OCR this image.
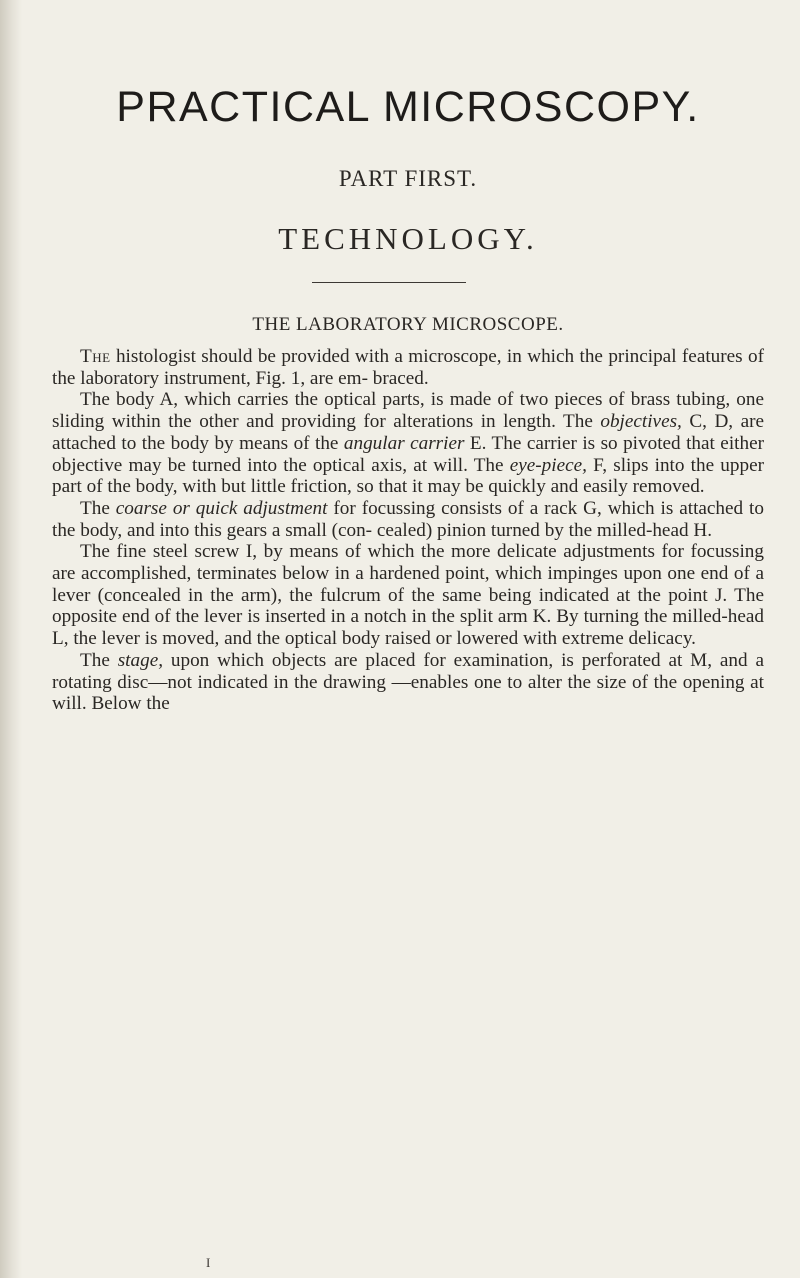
PRACTICAL MICROSCOPY.
PART FIRST.
TECHNOLOGY.
THE LABORATORY MICROSCOPE.

The histologist should be provided with a microscope, in which the principal features of the laboratory instrument, Fig. 1, are em- braced.

The body A, which carries the optical parts, is made of two pieces of brass tubing, one sliding within the other and providing for alterations in length. The objectives, C, D, are attached to the body by means of the angular carrier E. The carrier is so pivoted that either objective may be turned into the optical axis, at will. The eye-piece, F, slips into the upper part of the body, with but little friction, so that it may be quickly and easily removed.

The coarse or quick adjustment for focussing consists of a rack G, which is attached to the body, and into this gears a small (con- cealed) pinion turned by the milled-head H.

The fine steel screw I, by means of which the more delicate adjustments for focussing are accomplished, terminates below in a hardened point, which impinges upon one end of a lever (concealed in the arm), the fulcrum of the same being indicated at the point J. The opposite end of the lever is inserted in a notch in the split arm K. By turning the milled-head L, the lever is moved, and the optical body raised or lowered with extreme delicacy.

The stage, upon which objects are placed for examination, is perforated at M, and a rotating disc—not indicated in the drawing —enables one to alter the size of the opening at will. Below the

I
